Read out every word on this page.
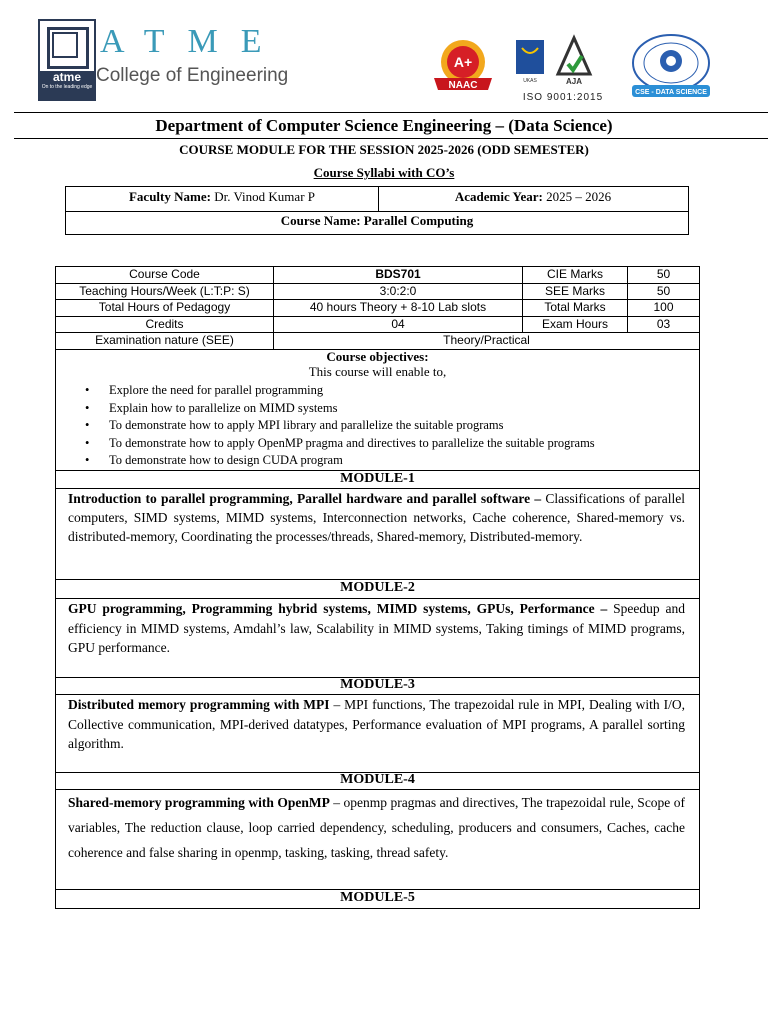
atme
On to the leading edge
ATME
College of Engineering
A+
NAAC	UKAS	AJA
ISO 9001:2015	CSE - DATA SCIENCE
Department of Computer Science Engineering – (Data Science)
COURSE MODULE FOR THE SESSION 2025-2026 (ODD SEMESTER)
Course Syllabi with CO’s
Faculty Name: Dr. Vinod Kumar P	Academic Year: 2025 – 2026
Course Name: Parallel Computing
Course Code	BDS701	CIE Marks	50
Teaching Hours/Week (L:T:P: S)	3:0:2:0	SEE Marks	50
Total Hours of Pedagogy	40 hours Theory + 8-10 Lab slots	Total Marks	100
Credits	04	Exam Hours	03
Examination nature (SEE)	Theory/Practical
Course objectives:
This course will enable to,
• Explore the need for parallel programming
• Explain how to parallelize on MIMD systems
• To demonstrate how to apply MPI library and parallelize the suitable programs
• To demonstrate how to apply OpenMP pragma and directives to parallelize the suitable programs
• To demonstrate how to design CUDA program
MODULE-1
Introduction to parallel programming, Parallel hardware and parallel software – Classifications of parallel computers, SIMD systems, MIMD systems, Interconnection networks, Cache coherence, Shared-memory vs. distributed-memory, Coordinating the processes/threads, Shared-memory, Distributed-memory.
MODULE-2
GPU programming, Programming hybrid systems, MIMD systems, GPUs, Performance – Speedup and efficiency in MIMD systems, Amdahl’s law, Scalability in MIMD systems, Taking timings of MIMD programs, GPU performance.
MODULE-3
Distributed memory programming with MPI – MPI functions, The trapezoidal rule in MPI, Dealing with I/O, Collective communication, MPI-derived datatypes, Performance evaluation of MPI programs, A parallel sorting algorithm.
MODULE-4
Shared-memory programming with OpenMP – openmp pragmas and directives, The trapezoidal rule, Scope of variables, The reduction clause, loop carried dependency, scheduling, producers and consumers, Caches, cache coherence and false sharing in openmp, tasking, tasking, thread safety.
MODULE-5
